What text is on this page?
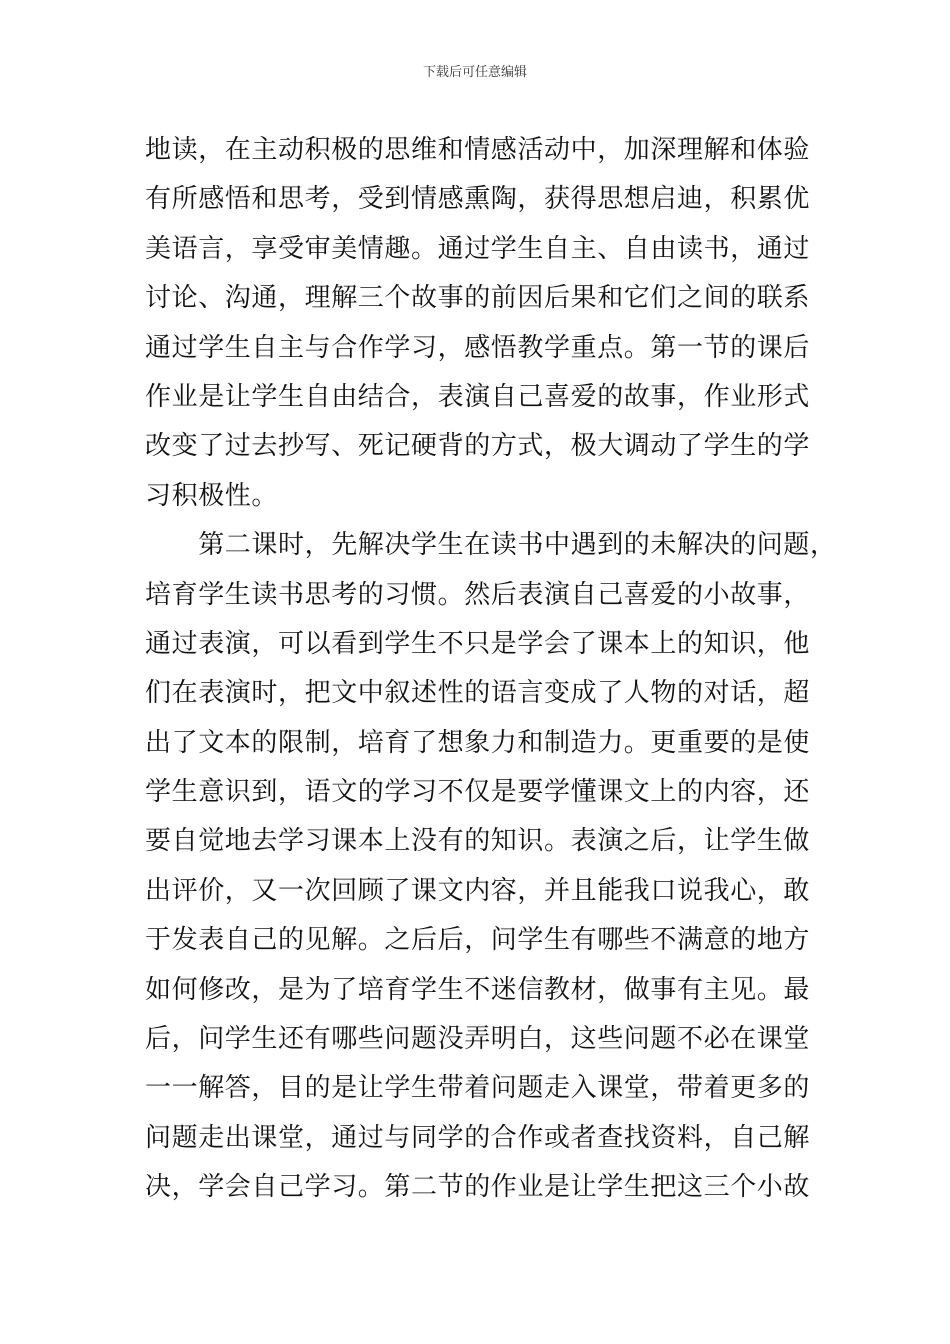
下载后可任意编辑
地读，在主动积极的思维和情感活动中，加深理解和体验
有所感悟和思考，受到情感熏陶，获得思想启迪，积累优
美语言，享受审美情趣。通过学生自主、自由读书，通过
讨论、沟通，理解三个故事的前因后果和它们之间的联系
通过学生自主与合作学习，感悟教学重点。第一节的课后
作业是让学生自由结合，表演自己喜爱的故事，作业形式
改变了过去抄写、死记硬背的方式，极大调动了学生的学
习积极性。
　　第二课时，先解决学生在读书中遇到的未解决的问题，
培育学生读书思考的习惯。然后表演自己喜爱的小故事，
通过表演，可以看到学生不只是学会了课本上的知识，他
们在表演时，把文中叙述性的语言变成了人物的对话，超
出了文本的限制，培育了想象力和制造力。更重要的是使
学生意识到，语文的学习不仅是要学懂课文上的内容，还
要自觉地去学习课本上没有的知识。表演之后，让学生做
出评价，又一次回顾了课文内容，并且能我口说我心，敢
于发表自己的见解。之后后，问学生有哪些不满意的地方
如何修改，是为了培育学生不迷信教材，做事有主见。最
后，问学生还有哪些问题没弄明白，这些问题不必在课堂
一一解答，目的是让学生带着问题走入课堂，带着更多的
问题走出课堂，通过与同学的合作或者查找资料，自己解
决，学会自己学习。第二节的作业是让学生把这三个小故
